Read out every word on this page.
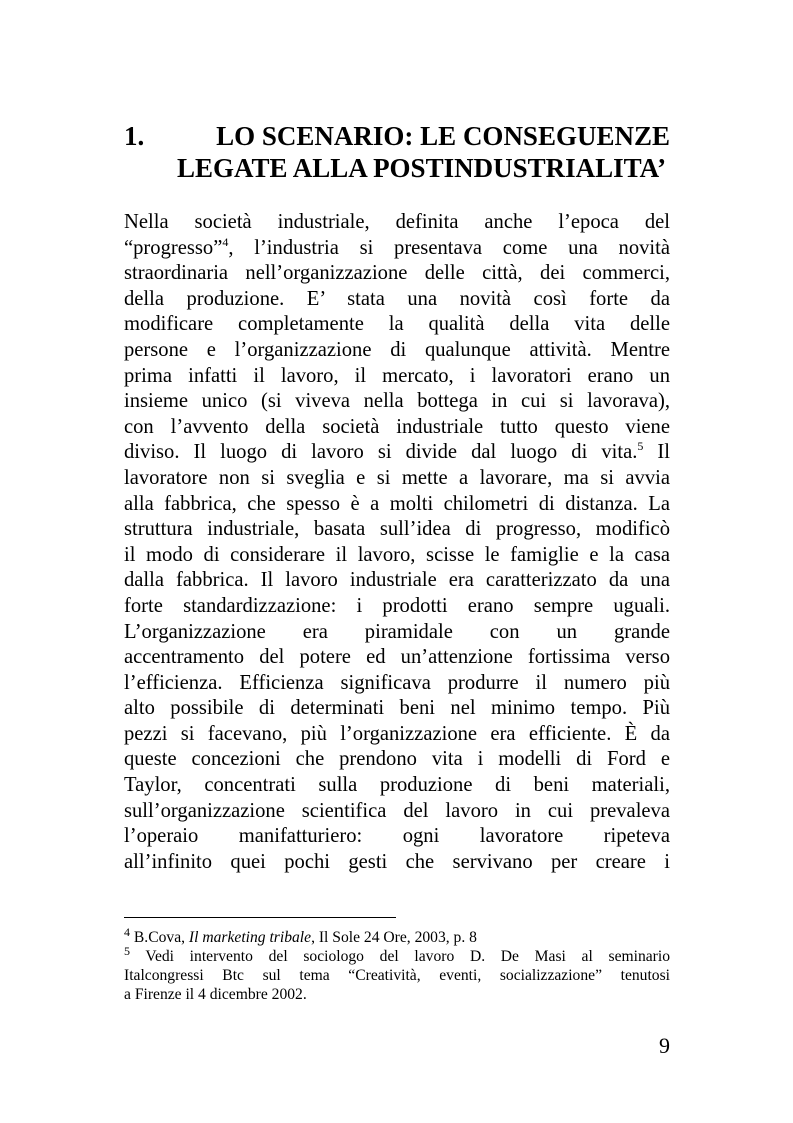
1.	LO SCENARIO: LE CONSEGUENZE
LEGATE ALLA POSTINDUSTRIALITA’
Nella società industriale, definita anche l’epoca del
“progresso”$^4$, l’industria si presentava come una novità
straordinaria nell’organizzazione delle città, dei commerci,
della produzione. E’ stata una novità così forte da
modificare completamente la qualità della vita delle
persone e l’organizzazione di qualunque attività. Mentre
prima infatti il lavoro, il mercato, i lavoratori erano un
insieme unico (si viveva nella bottega in cui si lavorava),
con l’avvento della società industriale tutto questo viene
diviso. Il luogo di lavoro si divide dal luogo di vita.$^5$ Il
lavoratore non si sveglia e si mette a lavorare, ma si avvia
alla fabbrica, che spesso è a molti chilometri di distanza. La
struttura industriale, basata sull’idea di progresso, modificò
il modo di considerare il lavoro, scisse le famiglie e la casa
dalla fabbrica. Il lavoro industriale era caratterizzato da una
forte standardizzazione: i prodotti erano sempre uguali.
L’organizzazione era piramidale con un grande
accentramento del potere ed un’attenzione fortissima verso
l’efficienza. Efficienza significava produrre il numero più
alto possibile di determinati beni nel minimo tempo. Più
pezzi si facevano, più l’organizzazione era efficiente. È da
queste concezioni che prendono vita i modelli di Ford e
Taylor, concentrati sulla produzione di beni materiali,
sull’organizzazione scientifica del lavoro in cui prevaleva
l’operaio manifatturiero: ogni lavoratore ripeteva
all’infinito quei pochi gesti che servivano per creare i
$^4$ B.Cova, Il marketing tribale, Il Sole 24 Ore, 2003, p. 8
$^5$ Vedi intervento del sociologo del lavoro D. De Masi al seminario
Italcongressi Btc sul tema “Creatività, eventi, socializzazione” tenutosi
a Firenze il 4 dicembre 2002.
9
